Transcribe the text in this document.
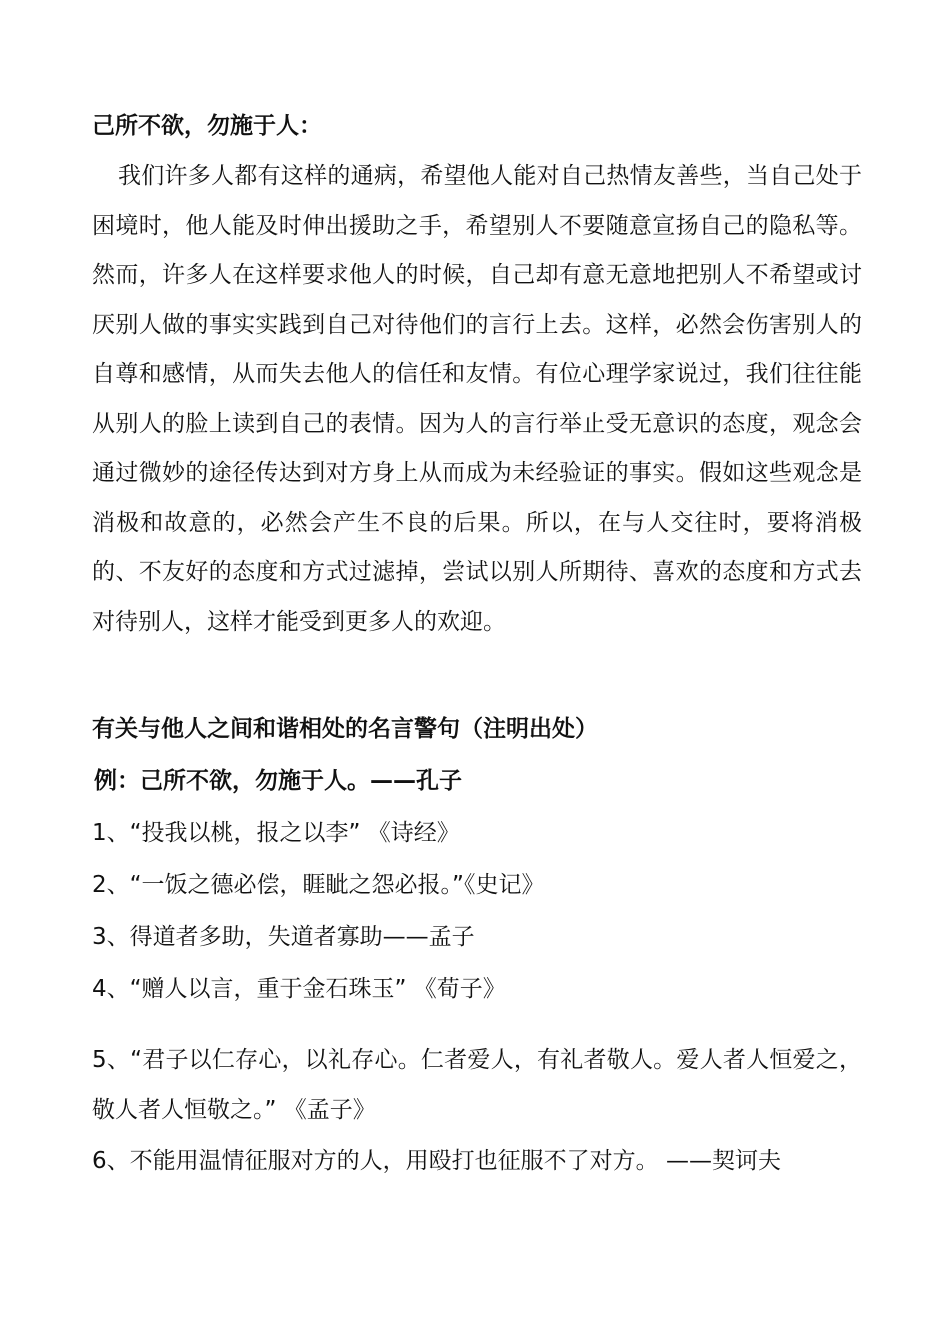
己所不欲，勿施于人：

我们许多人都有这样的通病，希望他人能对自己热情友善些，当自己处于困境时，他人能及时伸出援助之手，希望别人不要随意宣扬自己的隐私等。然而，许多人在这样要求他人的时候，自己却有意无意地把别人不希望或讨厌别人做的事实实践到自己对待他们的言行上去。这样，必然会伤害别人的自尊和感情，从而失去他人的信任和友情。有位心理学家说过，我们往往能从别人的脸上读到自己的表情。因为人的言行举止受无意识的态度，观念会通过微妙的途径传达到对方身上从而成为未经验证的事实。假如这些观念是消极和故意的，必然会产生不良的后果。所以，在与人交往时，要将消极的、不友好的态度和方式过滤掉，尝试以别人所期待、喜欢的态度和方式去对待别人，这样才能受到更多人的欢迎。

有关与他人之间和谐相处的名言警句（注明出处）

例：己所不欲，勿施于人。——孔子

1、“投我以桃，报之以李” 《诗经》

2、“一饭之德必偿，睚眦之怨必报。”《史记》

3、得道者多助，失道者寡助——孟子

4、“赠人以言，重于金石珠玉” 《荀子》

5、“君子以仁存心，以礼存心。仁者爱人，有礼者敬人。爱人者人恒爱之，敬人者人恒敬之。” 《孟子》

6、不能用温情征服对方的人，用殴打也征服不了对方。 ——契诃夫
